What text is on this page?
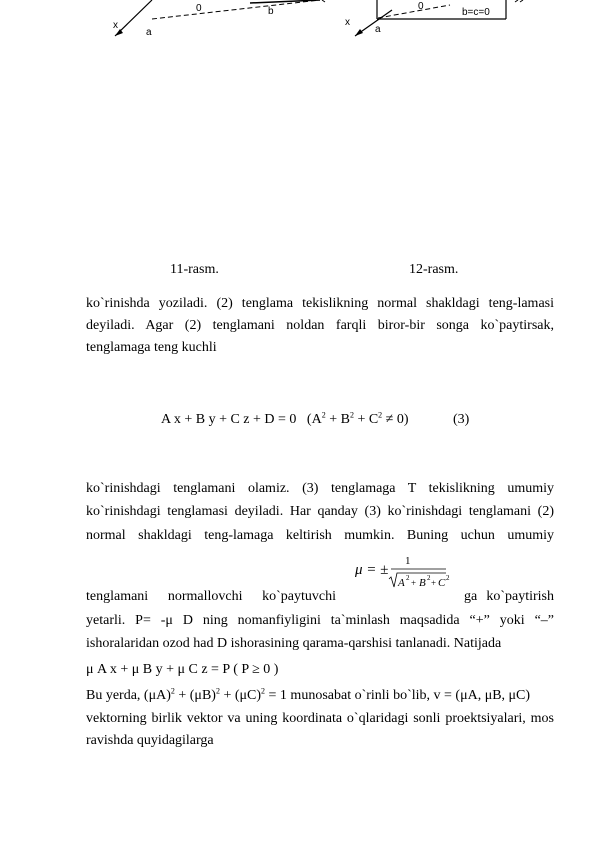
x
a
0	b
x
a
0
b=c=0
11-rasm.	12-rasm.
ko`rinishda yoziladi. (2) tenglama tekislikning normal shakldagi teng-lamasi
deyiladi. Agar (2) tenglamani noldan farqli biror-bir songa ko`paytirsak,
tenglamaga teng kuchli
A x + B y + C z + D = 0   $(A^2 + B^2 + C^2 \ne 0)$	(3)
ko`rinishdagi tenglamani olamiz. (3) tenglamaga T tekislikning umumiy
ko`rinishdagi tenglamasi deyiladi. Har qanday (3) ko`rinishdagi tenglamani (2)
normal shakldagi teng-lamaga keltirish mumkin. Buning uchun umumiy
μ = ±
1
A 2 + B 2 + C 2
tenglamani normallovchi ko`paytuvchi	ga ko`paytirish
yetarli. P= -μ D ning nomanfiyligini ta`minlash maqsadida “+” yoki “–”
ishoralaridan ozod had D ishorasining qarama-qarshisi tanlanadi. Natijada
μ A x + μ B y + μ C z = P ( P ≥ 0 )
Bu yerda, $(\mu A)^2 + (\mu B)^2 + (\mu C)^2 = 1$ munosabat o`rinli bo`lib, v = (μA, μB, μC)
vektorning birlik vektor va uning koordinata o`qlaridagi sonli proektsiyalari, mos
ravishda quyidagilarga
